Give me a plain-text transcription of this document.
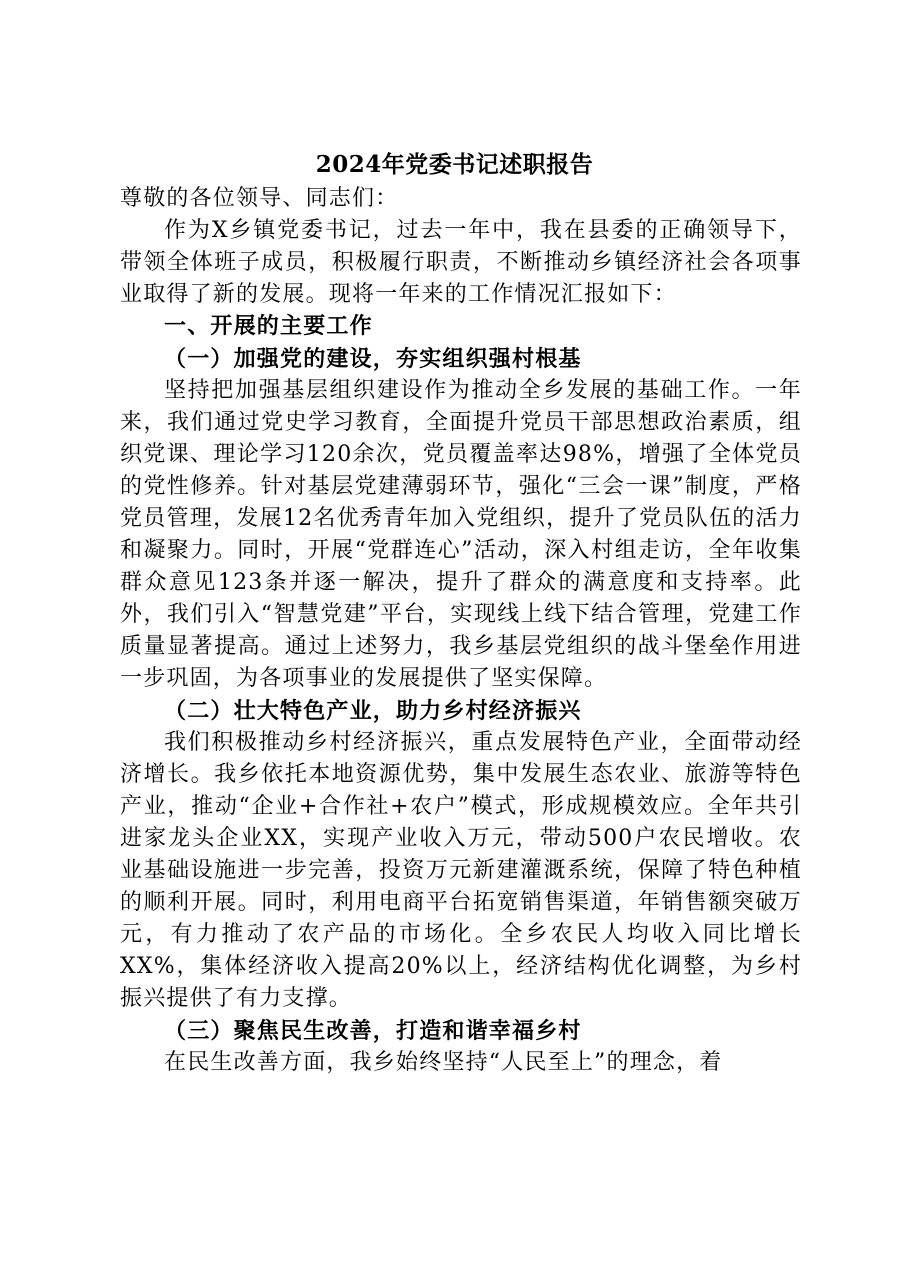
2024年党委书记述职报告

尊敬的各位领导、同志们：

作为X乡镇党委书记，过去一年中，我在县委的正确领导下，带领全体班子成员，积极履行职责，不断推动乡镇经济社会各项事业取得了新的发展。现将一年来的工作情况汇报如下：

一、开展的主要工作

（一）加强党的建设，夯实组织强村根基

坚持把加强基层组织建设作为推动全乡发展的基础工作。一年来，我们通过党史学习教育，全面提升党员干部思想政治素质，组织党课、理论学习120余次，党员覆盖率达98%，增强了全体党员的党性修养。针对基层党建薄弱环节，强化“三会一课”制度，严格党员管理，发展12名优秀青年加入党组织，提升了党员队伍的活力和凝聚力。同时，开展“党群连心”活动，深入村组走访，全年收集群众意见123条并逐一解决，提升了群众的满意度和支持率。此外，我们引入“智慧党建”平台，实现线上线下结合管理，党建工作质量显著提高。通过上述努力，我乡基层党组织的战斗堡垒作用进一步巩固，为各项事业的发展提供了坚实保障。

（二）壮大特色产业，助力乡村经济振兴

我们积极推动乡村经济振兴，重点发展特色产业，全面带动经济增长。我乡依托本地资源优势，集中发展生态农业、旅游等特色产业，推动“企业+合作社+农户”模式，形成规模效应。全年共引进家龙头企业XX，实现产业收入万元，带动500户农民增收。农业基础设施进一步完善，投资万元新建灌溉系统，保障了特色种植的顺利开展。同时，利用电商平台拓宽销售渠道，年销售额突破万元，有力推动了农产品的市场化。全乡农民人均收入同比增长XX%，集体经济收入提高20%以上，经济结构优化调整，为乡村振兴提供了有力支撑。

（三）聚焦民生改善，打造和谐幸福乡村

在民生改善方面，我乡始终坚持“人民至上”的理念，着
